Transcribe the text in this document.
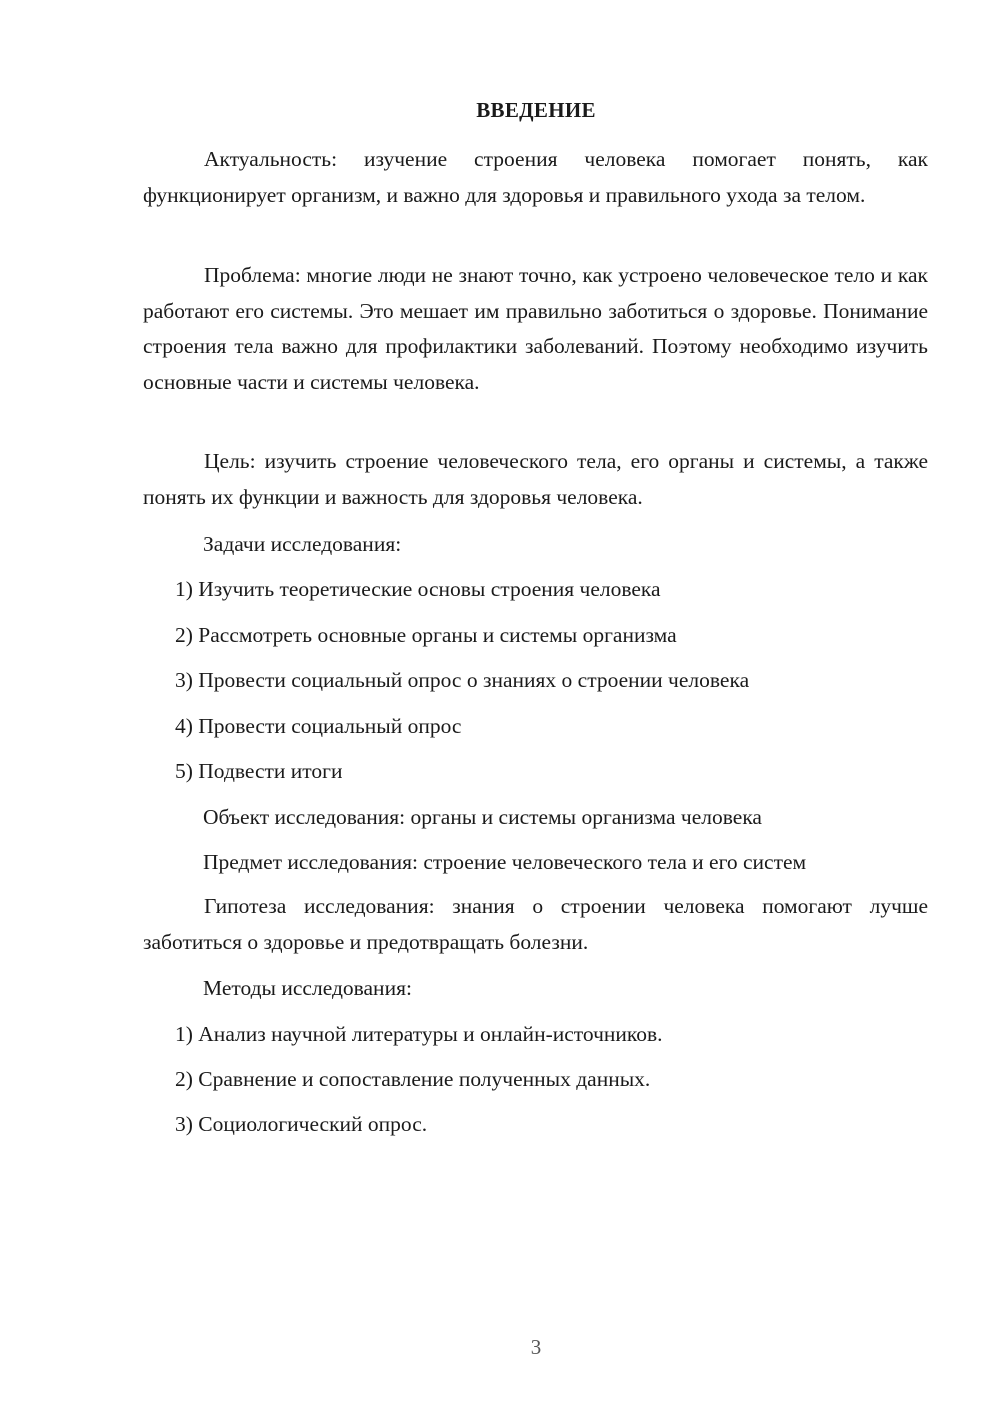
ВВЕДЕНИЕ

Актуальность: изучение строения человека помогает понять, как функционирует организм, и важно для здоровья и правильного ухода за телом.

Проблема: многие люди не знают точно, как устроено человеческое тело и как работают его системы. Это мешает им правильно заботиться о здоровье. Понимание строения тела важно для профилактики заболеваний. Поэтому необходимо изучить основные части и системы человека.

Цель: изучить строение человеческого тела, его органы и системы, а также понять их функции и важность для здоровья человека.

Задачи исследования:

1) Изучить теоретические основы строения человека

2) Рассмотреть основные органы и системы организма

3) Провести социальный опрос о знаниях о строении человека

4) Провести социальный опрос

5) Подвести итоги

Объект исследования: органы и системы организма человека

Предмет исследования: строение человеческого тела и его систем

Гипотеза исследования: знания о строении человека помогают лучше заботиться о здоровье и предотвращать болезни.

Методы исследования:

1) Анализ научной литературы и онлайн-источников.

2) Сравнение и сопоставление полученных данных.

3) Социологический опрос.

3
